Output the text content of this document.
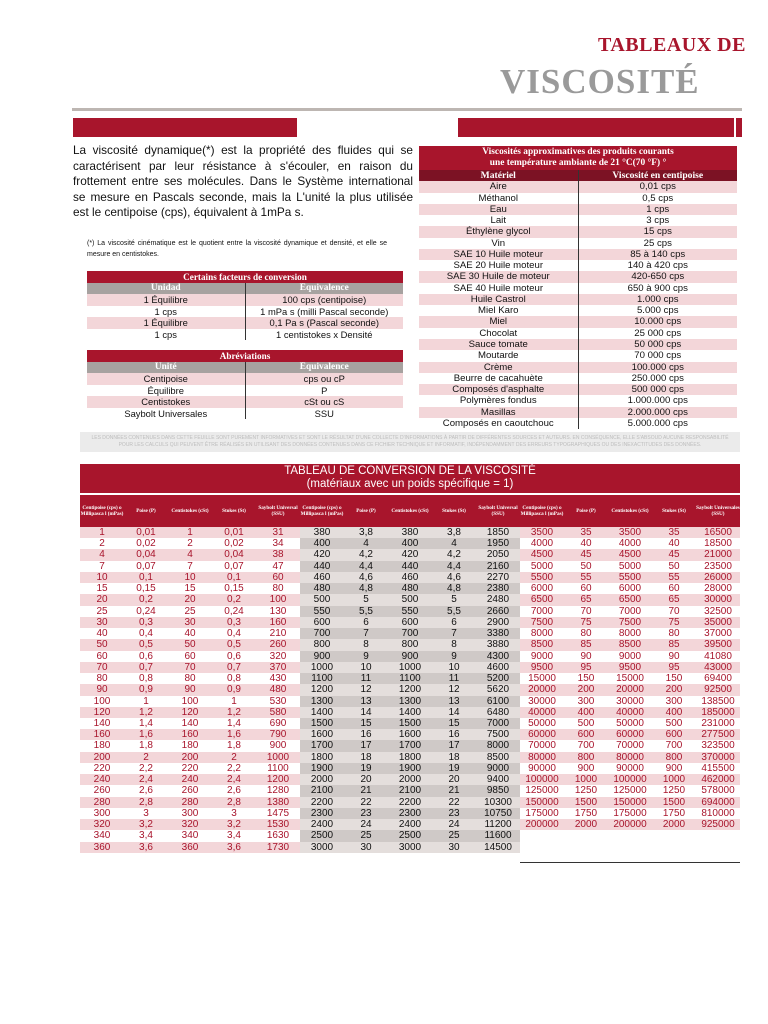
TABLEAUX DE
VISCOSITÉ
La viscosité dynamique(*) est la propriété des fluides qui se caractérisent par leur résistance à s'écouler, en raison du frottement entre ses molécules. Dans le Système international se mesure en Pascals seconde, mais la L'unité la plus utilisée est le centipoise (cps), équivalent à 1mPa s.
(*) La viscosité cinématique est le quotient entre la viscosité dynamique et densité, et elle se mesure en centistokes.
Certains facteurs de conversion
Unidad	Équivalence
1 Équilibre	100 cps (centipoise)
1 cps	1 mPa s (milli Pascal seconde)
1 Équilibre	0,1 Pa s (Pascal seconde)
1 cps	1 centistokes x Densité
Abréviations
Unité	Équivalence
Centipoise	cps ou cP
Équilibre	P
Centistokes	cSt ou cS
Saybolt Universales	SSU
Viscosités approximatives des produits courants
une température ambiante de 21 °C(70 °F) °
Matériel	Viscosité en centipoise
Aire	0,01 cps
Méthanol	0,5 cps
Eau	1 cps
Lait	3 cps
Éthylène glycol	15 cps
Vin	25 cps
SAE 10 Huile moteur	85 à 140 cps
SAE 20 Huile moteur	140 à 420 cps
SAE 30 Huile de moteur	420-650 cps
SAE 40 Huile moteur	650 à 900 cps
Huile Castrol	1.000 cps
Miel Karo	5.000 cps
Miel	10.000 cps
Chocolat	25 000 cps
Sauce tomate	50 000 cps
Moutarde	70 000 cps
Crème	100.000 cps
Beurre de cacahuète	250.000 cps
Composés d'asphalte	500 000 cps
Polymères fondus	1.000.000 cps
Masillas	2.000.000 cps
Composés en caoutchouc	5.000.000 cps
LES DONNÉES CONTENUES DANS CETTE FEUILLE SONT PUREMENT INFORMATIVES ET SONT LE RÉSULTAT D'UNE COLLECTE D'INFORMATIONS À PARTIR DE DIFFÉRENTES SOURCES ET AUTEURS. EN CONSÉQUENCE, ELLE S'ABSOUD AUCUNE RESPONSABILITÉ POUR LES CALCULS QUI PEUVENT ÊTRE RÉALISÉS EN UTILISANT DES DONNÉES CONTENUES DANS CE FICHIER TECHNIQUE ET INFORMATIF, INDÉPENDAMMENT DES ERREURS TYPOGRAPHIQUES OU DES INEXACTITUDES DES DONNÉES.
TABLEAU DE CONVERSION DE LA VISCOSITÉ
(matériaux avec un poids spécifique = 1)
Centipoise (cps) o Millipasca l (mPas)	Poise (P)	Centistokes (cSt)	Stokes (St)	Saybolt Universal (SSU)
1	0,01	1	0,01	31
2	0,02	2	0,02	34
4	0,04	4	0,04	38
7	0,07	7	0,07	47
10	0,1	10	0,1	60
15	0,15	15	0,15	80
20	0,2	20	0,2	100
25	0,24	25	0,24	130
30	0,3	30	0,3	160
40	0,4	40	0,4	210
50	0,5	50	0,5	260
60	0,6	60	0,6	320
70	0,7	70	0,7	370
80	0,8	80	0,8	430
90	0,9	90	0,9	480
100	1	100	1	530
120	1,2	120	1,2	580
140	1,4	140	1,4	690
160	1,6	160	1,6	790
180	1,8	180	1,8	900
200	2	200	2	1000
220	2,2	220	2,2	1100
240	2,4	240	2,4	1200
260	2,6	260	2,6	1280
280	2,8	280	2,8	1380
300	3	300	3	1475
320	3,2	320	3,2	1530
340	3,4	340	3,4	1630
360	3,6	360	3,6	1730
Centipoise (cps) o Millipasca l (mPas)	Poise (P)	Centistokes (cSt)	Stokes (St)	Saybolt Universal (SSU)
380	3,8	380	3,8	1850
400	4	400	4	1950
420	4,2	420	4,2	2050
440	4,4	440	4,4	2160
460	4,6	460	4,6	2270
480	4,8	480	4,8	2380
500	5	500	5	2480
550	5,5	550	5,5	2660
600	6	600	6	2900
700	7	700	7	3380
800	8	800	8	3880
900	9	900	9	4300
1000	10	1000	10	4600
1100	11	1100	11	5200
1200	12	1200	12	5620
1300	13	1300	13	6100
1400	14	1400	14	6480
1500	15	1500	15	7000
1600	16	1600	16	7500
1700	17	1700	17	8000
1800	18	1800	18	8500
1900	19	1900	19	9000
2000	20	2000	20	9400
2100	21	2100	21	9850
2200	22	2200	22	10300
2300	23	2300	23	10750
2400	24	2400	24	11200
2500	25	2500	25	11600
3000	30	3000	30	14500
Centipoise (cps) o Millipasca l (mPas)	Poise (P)	Centistokes (cSt)	Stokes (St)	Saybolt Universales (SSU)
3500	35	3500	35	16500
4000	40	4000	40	18500
4500	45	4500	45	21000
5000	50	5000	50	23500
5500	55	5500	55	26000
6000	60	6000	60	28000
6500	65	6500	65	30000
7000	70	7000	70	32500
7500	75	7500	75	35000
8000	80	8000	80	37000
8500	85	8500	85	39500
9000	90	9000	90	41080
9500	95	9500	95	43000
15000	150	15000	150	69400
20000	200	20000	200	92500
30000	300	30000	300	138500
40000	400	40000	400	185000
50000	500	50000	500	231000
60000	600	60000	600	277500
70000	700	70000	700	323500
80000	800	80000	800	370000
90000	900	90000	900	415500
100000	1000	100000	1000	462000
125000	1250	125000	1250	578000
150000	1500	150000	1500	694000
175000	1750	175000	1750	810000
200000	2000	200000	2000	925000
